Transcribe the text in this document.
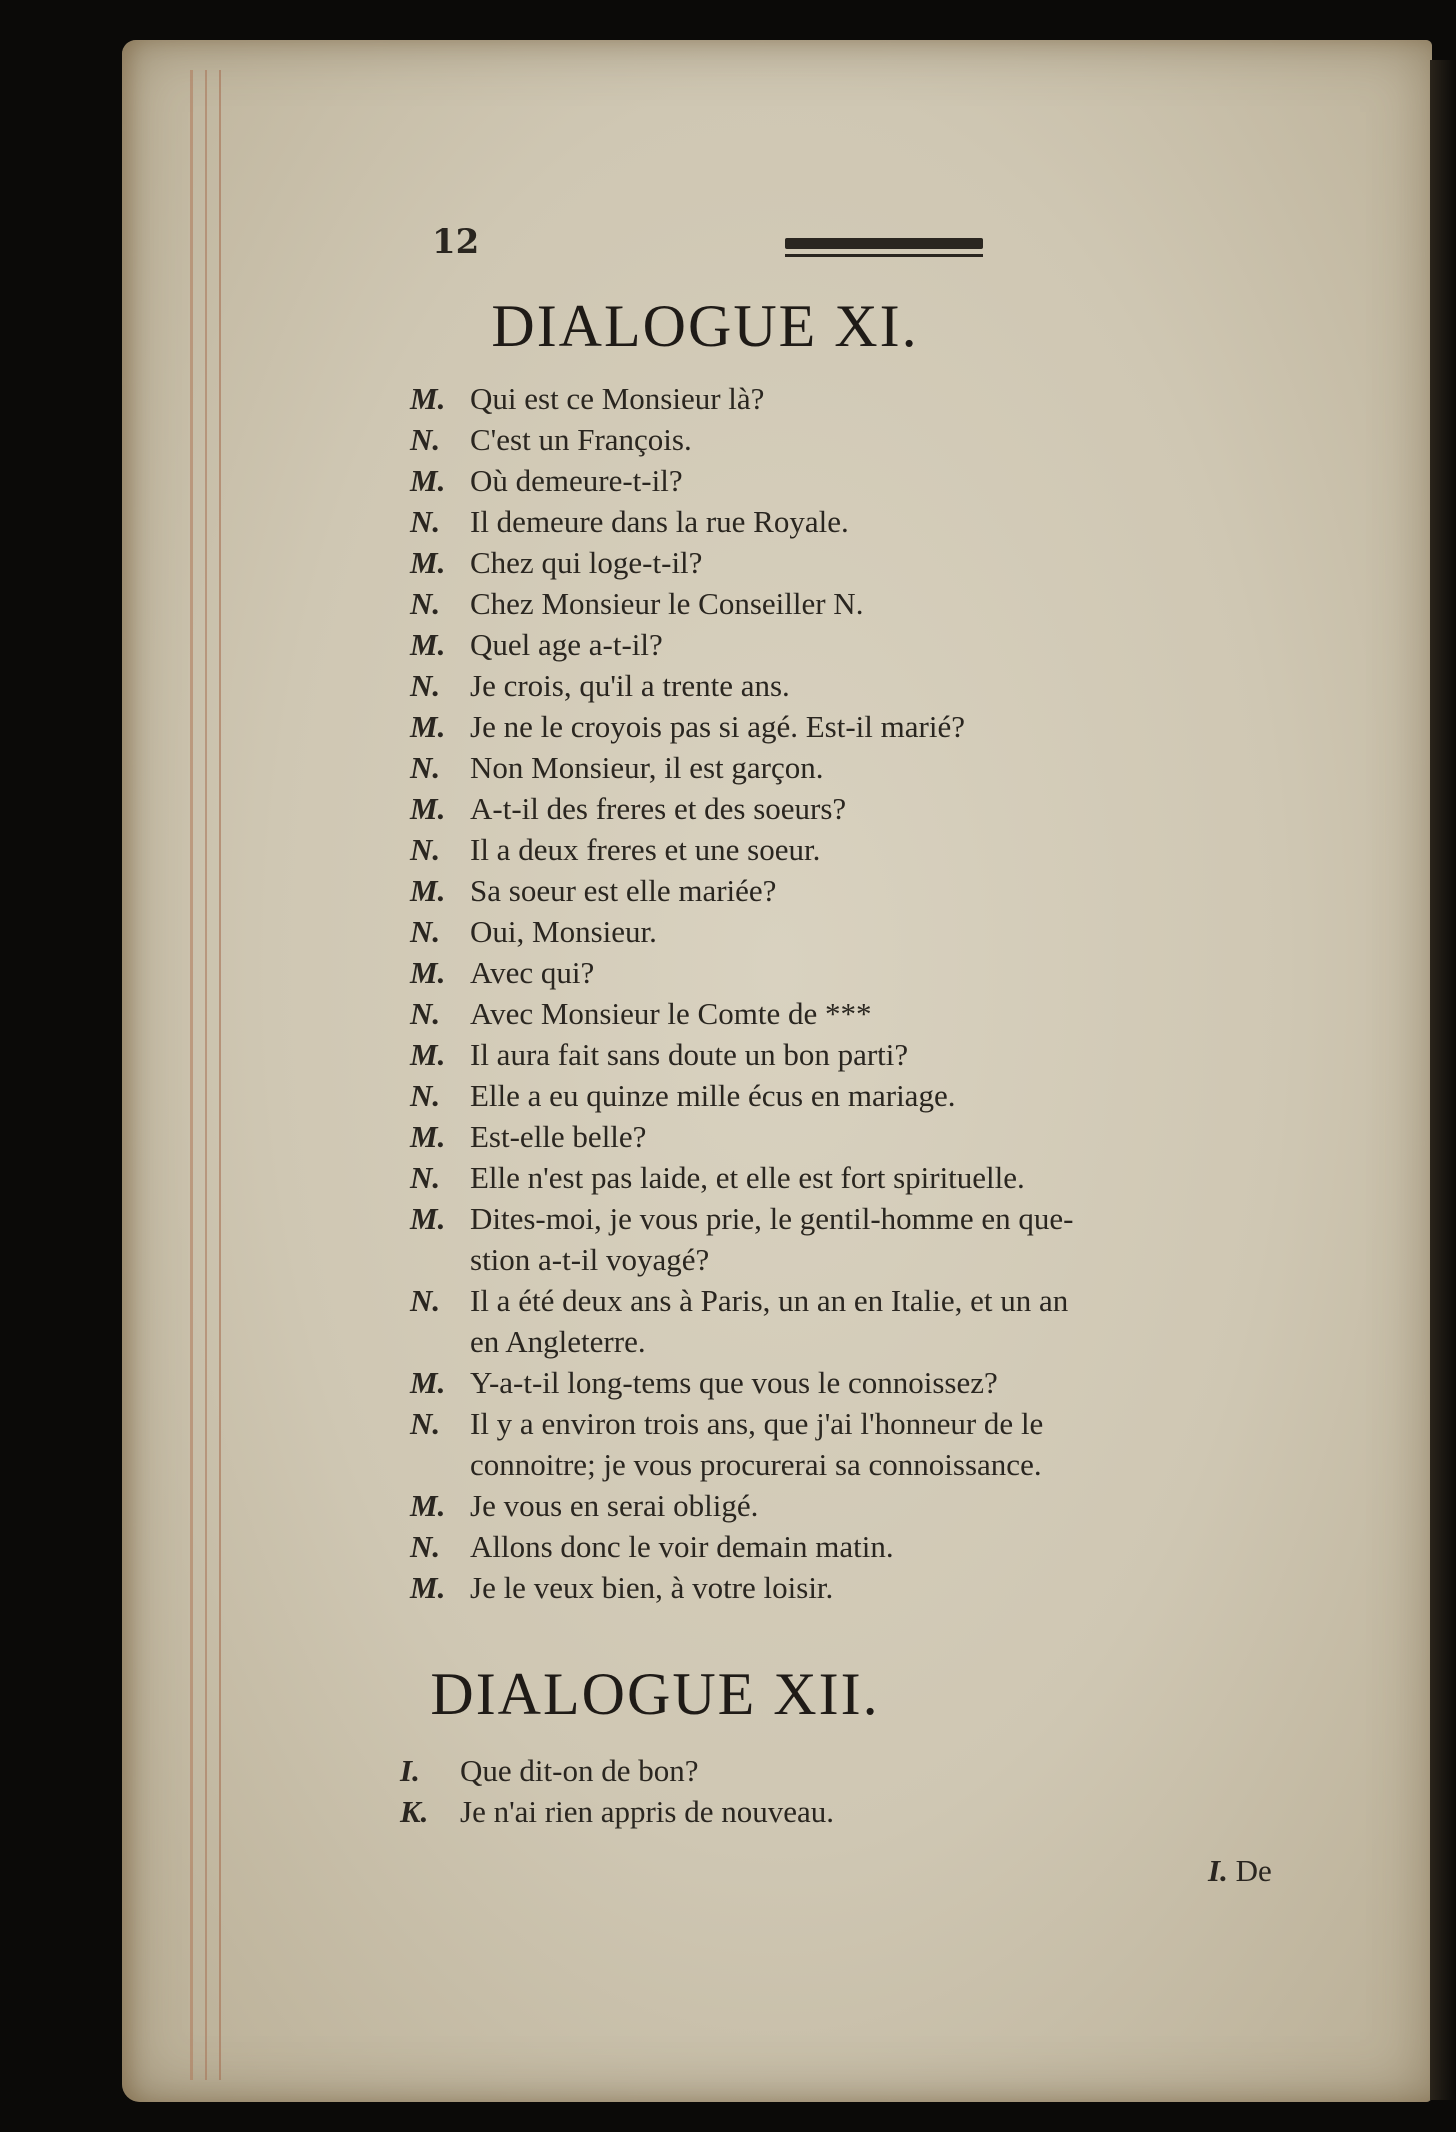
12
DIALOGUE XI.
M. Qui est ce Monsieur là?
N. C'est un François.
M. Où demeure-t-il?
N. Il demeure dans la rue Royale.
M. Chez qui loge-t-il?
N. Chez Monsieur le Conseiller N.
M. Quel age a-t-il?
N. Je crois, qu'il a trente ans.
M. Je ne le croyois pas si agé. Est-il marié?
N. Non Monsieur, il est garçon.
M. A-t-il des freres et des soeurs?
N. Il a deux freres et une soeur.
M. Sa soeur est elle mariée?
N. Oui, Monsieur.
M. Avec qui?
N. Avec Monsieur le Comte de ***
M. Il aura fait sans doute un bon parti?
N. Elle a eu quinze mille écus en mariage.
M. Est-elle belle?
N. Elle n'est pas laide, et elle est fort spirituelle.
M. Dites-moi, je vous prie, le gentil-homme en que-
stion a-t-il voyagé?
N. Il a été deux ans à Paris, un an en Italie, et un an
en Angleterre.
M. Y-a-t-il long-tems que vous le connoissez?
N. Il y a environ trois ans, que j'ai l'honneur de le
connoitre; je vous procurerai sa connoissance.
M. Je vous en serai obligé.
N. Allons donc le voir demain matin.
M. Je le veux bien, à votre loisir.
DIALOGUE XII.
I.	Que dit-on de bon?
K.	Je n'ai rien appris de nouveau.
I. De
